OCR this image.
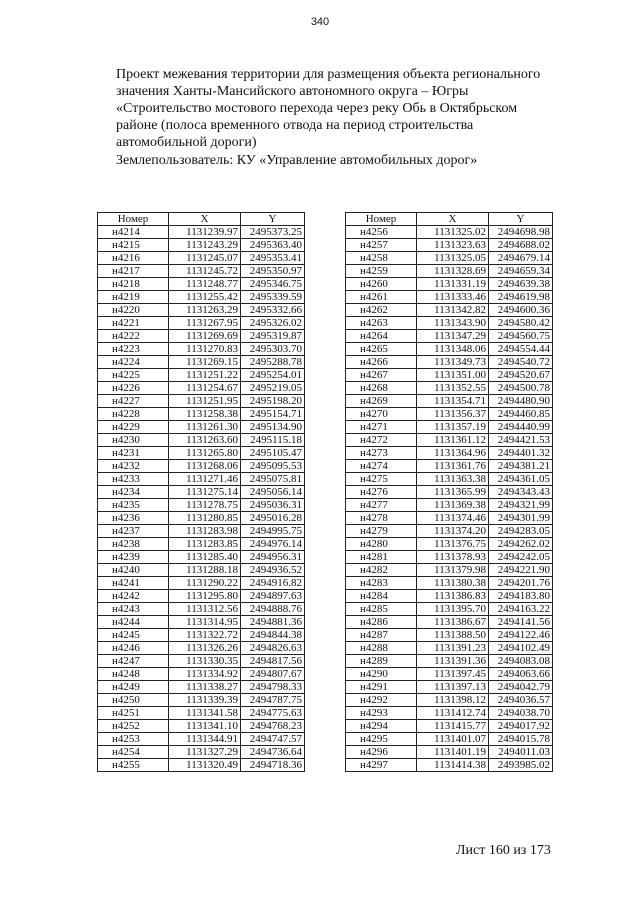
340

Проект межевания территории для размещения объекта регионального

значения Ханты-Мансийского автономного округа – Югры

«Строительство мостового перехода через реку Обь в Октябрьском

районе (полоса временного отвода на период строительства

автомобильной дороги)

Землепользователь: КУ «Управление автомобильных дорог»

Номер	X	Y
н4214	1131239.97	2495373.25
н4215	1131243.29	2495363.40
н4216	1131245.07	2495353.41
н4217	1131245.72	2495350.97
н4218	1131248.77	2495346.75
н4219	1131255.42	2495339.59
н4220	1131263.29	2495332.66
н4221	1131267.95	2495326.02
н4222	1131269.69	2495319.87
н4223	1131270.83	2495303.70
н4224	1131269.15	2495288.78
н4225	1131251.22	2495254.01
н4226	1131254.67	2495219.05
н4227	1131251.95	2495198.20
н4228	1131258.38	2495154.71
н4229	1131261.30	2495134.90
н4230	1131263.60	2495115.18
н4231	1131265.80	2495105.47
н4232	1131268.06	2495095.53
н4233	1131271.46	2495075.81
н4234	1131275.14	2495056.14
н4235	1131278.75	2495036.31
н4236	1131280.85	2495016.28
н4237	1131283.98	2494995.75
н4238	1131283.85	2494976.14
н4239	1131285.40	2494956.31
н4240	1131288.18	2494936.52
н4241	1131290.22	2494916.82
н4242	1131295.80	2494897.63
н4243	1131312.56	2494888.76
н4244	1131314.95	2494881.36
н4245	1131322.72	2494844.38
н4246	1131326.26	2494826.63
н4247	1131330.35	2494817.56
н4248	1131334.92	2494807.67
н4249	1131338.27	2494798.33
н4250	1131339.39	2494787.75
н4251	1131341.58	2494775.63
н4252	1131341.10	2494768.23
н4253	1131344.91	2494747.57
н4254	1131327.29	2494736.64
н4255	1131320.49	2494718.36
Номер	X	Y
н4256	1131325.02	2494698.98
н4257	1131323.63	2494688.02
н4258	1131325.05	2494679.14
н4259	1131328.69	2494659.34
н4260	1131331.19	2494639.38
н4261	1131333.46	2494619.98
н4262	1131342.82	2494600.36
н4263	1131343.90	2494580.42
н4264	1131347.29	2494560.75
н4265	1131348.06	2494554.44
н4266	1131349.73	2494540.72
н4267	1131351.00	2494520.67
н4268	1131352.55	2494500.78
н4269	1131354.71	2494480.90
н4270	1131356.37	2494460.85
н4271	1131357.19	2494440.99
н4272	1131361.12	2494421.53
н4273	1131364.96	2494401.32
н4274	1131361.76	2494381.21
н4275	1131363.38	2494361.05
н4276	1131365.99	2494343.43
н4277	1131369.38	2494321.99
н4278	1131374.46	2494301.99
н4279	1131374.20	2494283.05
н4280	1131376.75	2494262.02
н4281	1131378.93	2494242.05
н4282	1131379.98	2494221.90
н4283	1131380.38	2494201.76
н4284	1131386.83	2494183.80
н4285	1131395.70	2494163.22
н4286	1131386.67	2494141.56
н4287	1131388.50	2494122.46
н4288	1131391.23	2494102.49
н4289	1131391.36	2494083.08
н4290	1131397.45	2494063.66
н4291	1131397.13	2494042.79
н4292	1131398.12	2494036.57
н4293	1131412.74	2494038.70
н4294	1131415.77	2494017.92
н4295	1131401.07	2494015.78
н4296	1131401.19	2494011.03
н4297	1131414.38	2493985.02
Лист 160 из 173
